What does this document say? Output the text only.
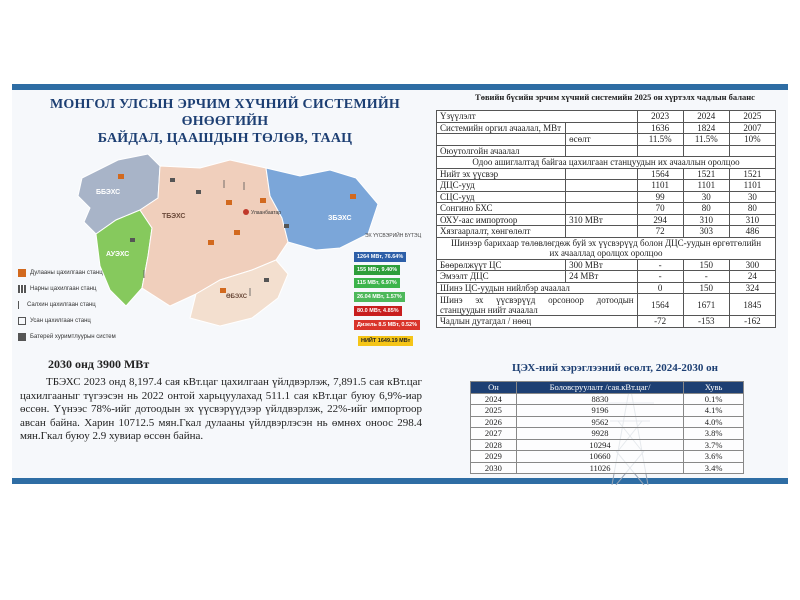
МОНГОЛ УЛСЫН ЭРЧИМ ХҮЧНИЙ СИСТЕМИЙН ӨНӨӨГИЙН
БАЙДАЛ, ЦААШДЫН ТӨЛӨВ, ТААЦ
ББЭХС
ТБЭХС
АУЭХС
ЗБЭХС
ӨБЭХС
Улаанбаатар
Дулааны цахилгаан станц
Нарны цахилгаан станц
Салхин цахилгаан станц
Усан цахилгаан станц
Батерей хуримтлуурын систем
ЭХ ҮҮСВЭРИЙН БҮТЭЦ
1264 МВт, 76.64%
155 МВт, 9.40%
115 МВт, 6.97%
26.04 МВт, 1.57%
80.0 МВт, 4.85%
Дизель 8.5 МВт, 0.52%
НИЙТ 1649.19 МВт
2030 онд 3900 МВт

ТБЭХС 2023 онд 8,197.4 сая кВт.цаг цахилгаан үйлдвэрлэж, 7,891.5 сая кВт.цаг цахилгааныг түгээсэн нь 2022 онтой харьцуулахад 511.1 сая кВт.цаг буюу 6,9%-иар өссөн. Үүнээс 78%-ийг дотоодын эх үүсвэрүүдээр үйлдвэрлэж, 22%-ийг импортоор авсан байна. Харин 10712.5 мян.Гкал дулааны үйлдвэрлэсэн нь өмнөх оноос 298.4 мян.Гкал буюу 2.9 хувиар өссөн байна.

Төвийн бүсийн эрчим хүчний системийн 2025 он хүртэлх чадлын баланс
Үзүүлэлт		2023	2024	2025
Системийн оргил ачаалал, МВт		1636	1824	2007
	өсөлт	11.5%	11.5%	10%
Оюутолгойн ачаалал				
Одоо ашиглалтад байгаа цахилгаан станцуудын их ачааллын оролцоо				
Нийт эх үүсвэр		1564	1521	1521
ДЦС-ууд		1101	1101	1101
СЦС-ууд		99	30	30
Сонгино БХС		70	80	80
ОХУ-аас импортоор	310 МВт	294	310	310
Хязгаарлалт, хөнгөлөлт		72	303	486

Шинээр барихаар төлөвлөгдөж буй эх үүсвэрүүд болон ДЦС-уудын өргөтгөлийн
их ачааллад оролцох оролцоо				

Бөөрөлжүүт ЦС	300 МВт	-	150	300
Эмээлт ДЦС	24 МВт	-	-	24
Шинэ ЦС-уудын нийлбэр ачаалал		0	150	324
Шинэ эх үүсвэрүүд орсоноор дотоодын станцуудын нийт ачаалал		1564	1671	1845
Чадлын дутагдал / нөөц		-72	-153	-162
ЦЭХ-ний хэрэглээний өсөлт, 2024-2030 он
Он	Боловсруулалт /сая.кВт.цаг/	Хувь
2024	8830	0.1%
2025	9196	4.1%
2026	9562	4.0%
2027	9928	3.8%
2028	10294	3.7%
2029	10660	3.6%
2030	11026	3.4%
